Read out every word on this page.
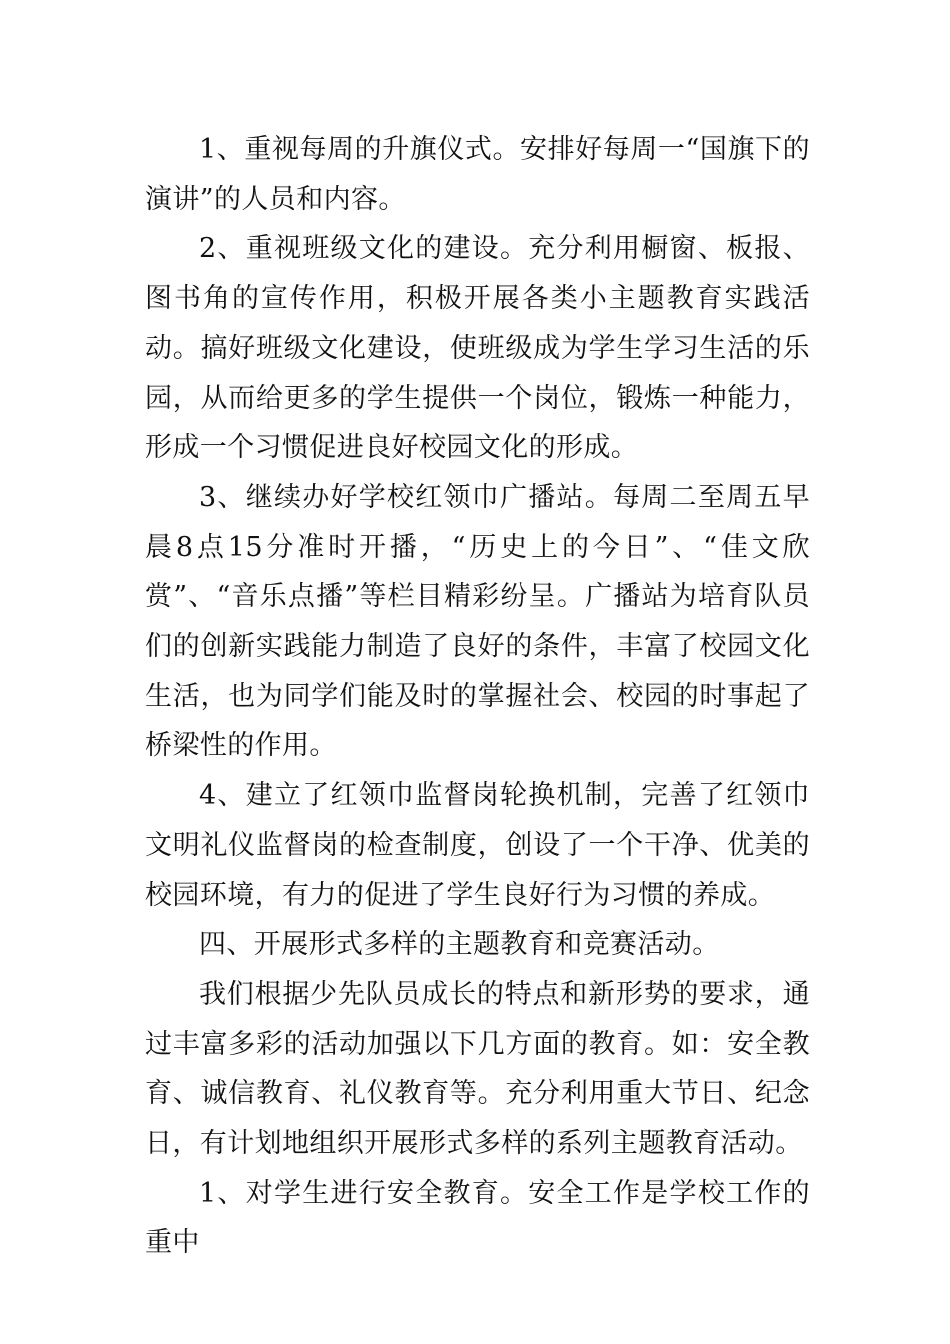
1、重视每周的升旗仪式。安排好每周一“国旗下的演讲”的人员和内容。

2、重视班级文化的建设。充分利用橱窗、板报、图书角的宣传作用，积极开展各类小主题教育实践活动。搞好班级文化建设，使班级成为学生学习生活的乐园，从而给更多的学生提供一个岗位，锻炼一种能力，形成一个习惯促进良好校园文化的形成。

3、继续办好学校红领巾广播站。每周二至周五早晨8点15分准时开播，“历史上的今日”、“佳文欣赏”、“音乐点播”等栏目精彩纷呈。广播站为培育队员们的创新实践能力制造了良好的条件，丰富了校园文化生活，也为同学们能及时的掌握社会、校园的时事起了桥梁性的作用。

4、建立了红领巾监督岗轮换机制，完善了红领巾文明礼仪监督岗的检查制度，创设了一个干净、优美的校园环境，有力的促进了学生良好行为习惯的养成。

四、开展形式多样的主题教育和竞赛活动。

我们根据少先队员成长的特点和新形势的要求，通过丰富多彩的活动加强以下几方面的教育。如：安全教育、诚信教育、礼仪教育等。充分利用重大节日、纪念日，有计划地组织开展形式多样的系列主题教育活动。

1、对学生进行安全教育。安全工作是学校工作的重中
